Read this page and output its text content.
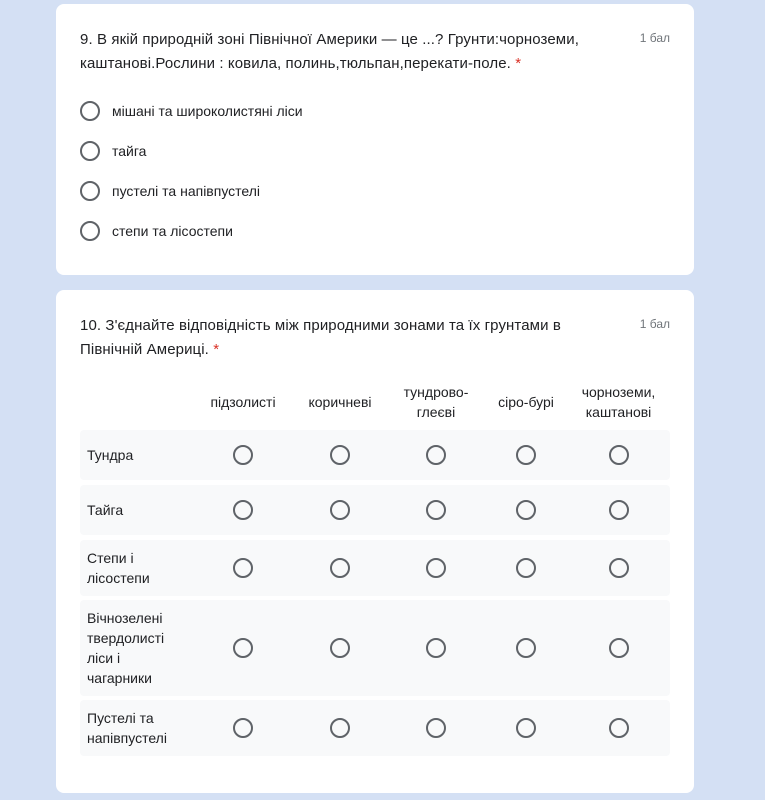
9. В якій природній зоні Північної Америки — це ...? Грунти:чорноземи, каштанові.Рослини : ковила, полинь,тюльпан,перекати-поле. *
1 бал
мішані та широколистяні ліси
тайга
пустелі та напівпустелі
степи та лісостепи
10. З'єднайте відповідність між природними зонами та їх грунтами в Північній Америці. *
1 бал
підзолисті	коричневі
тундрово-глеєві
сіро-бурі
чорноземи, каштанові
Тундра
Тайга
Степи і лісостепи
Вічнозелені твердолисті ліси і чагарники
Пустелі та напівпустелі
